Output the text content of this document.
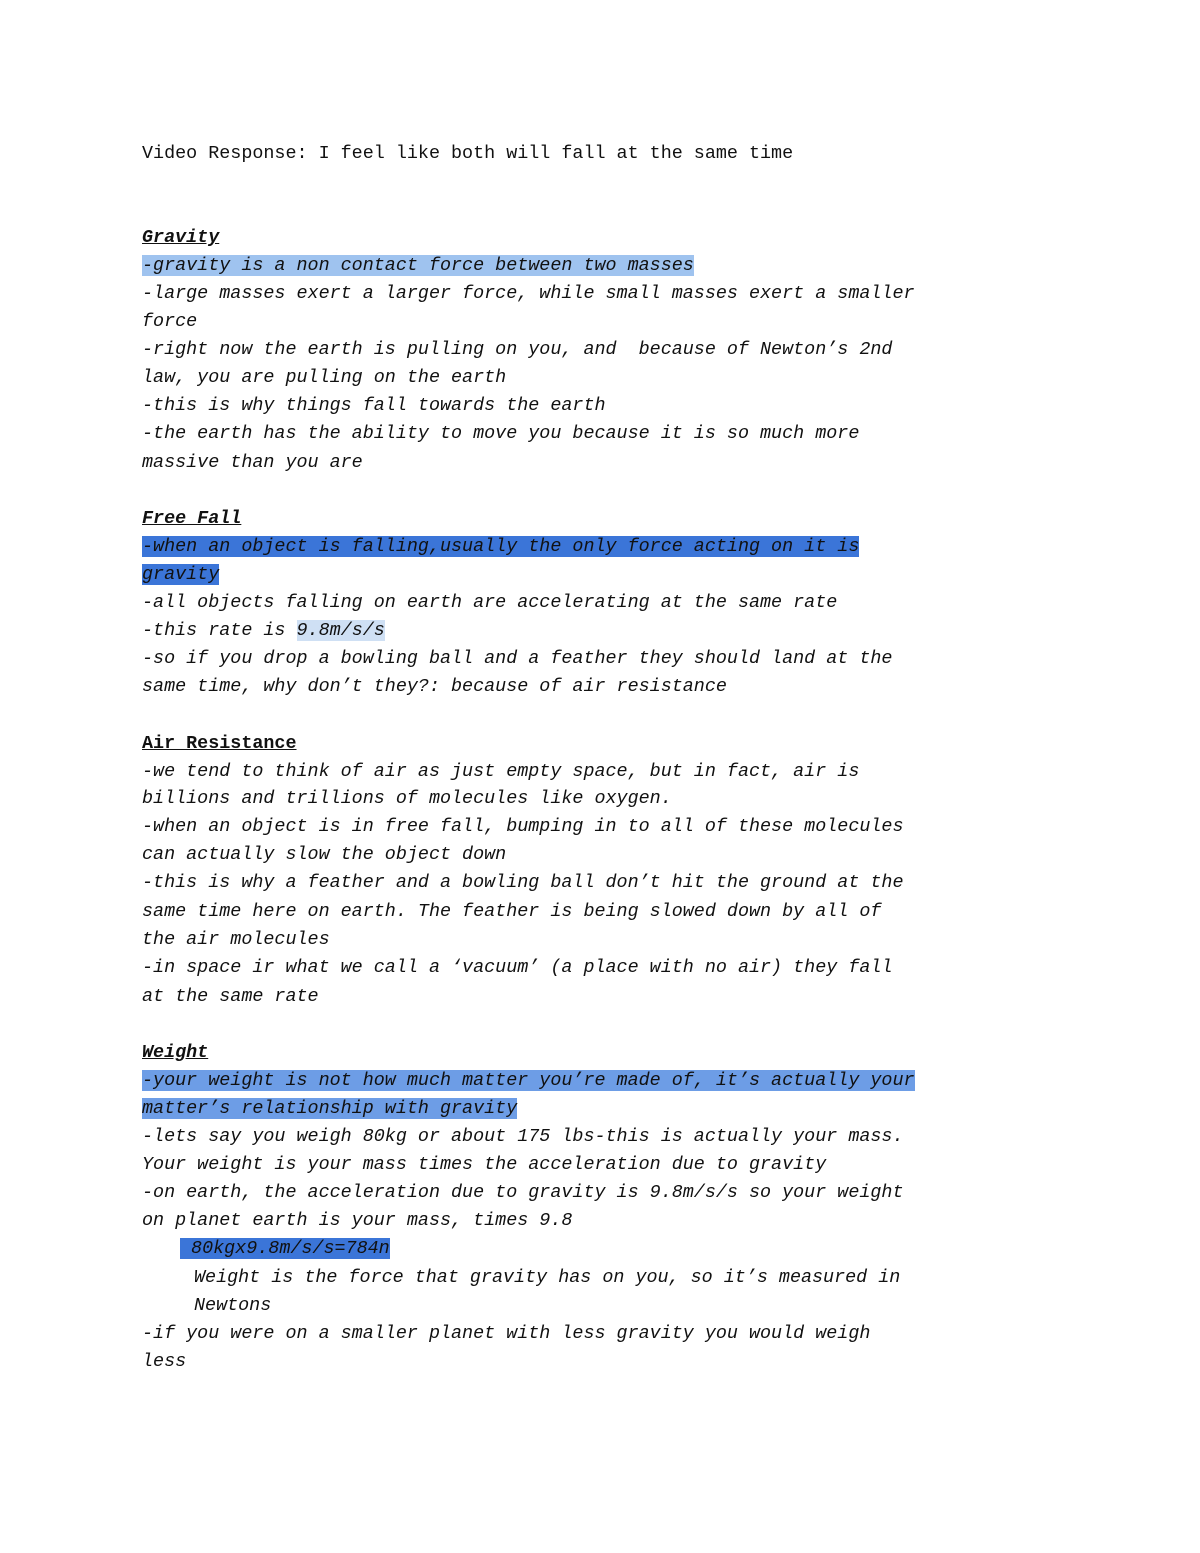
Video Response: I feel like both will fall at the same time
Gravity
-gravity is a non contact force between two masses
-large masses exert a larger force, while small masses exert a smaller
force
-right now the earth is pulling on you, and  because of Newton’s 2nd
law, you are pulling on the earth
-this is why things fall towards the earth
-the earth has the ability to move you because it is so much more
massive than you are
Free Fall
-when an object is falling,usually the only force acting on it is
gravity
-all objects falling on earth are accelerating at the same rate
-this rate is 9.8m/s/s
-so if you drop a bowling ball and a feather they should land at the
same time, why don’t they?: because of air resistance
Air Resistance
-we tend to think of air as just empty space, but in fact, air is
billions and trillions of molecules like oxygen.
-when an object is in free fall, bumping in to all of these molecules
can actually slow the object down
-this is why a feather and a bowling ball don’t hit the ground at the
same time here on earth. The feather is being slowed down by all of
the air molecules
-in space ir what we call a ‘vacuum’ (a place with no air) they fall
at the same rate
Weight
-your weight is not how much matter you’re made of, it’s actually your
matter’s relationship with gravity
-lets say you weigh 80kg or about 175 lbs-this is actually your mass.
Your weight is your mass times the acceleration due to gravity
-on earth, the acceleration due to gravity is 9.8m/s/s so your weight
on planet earth is your mass, times 9.8
80kgx9.8m/s/s=784n
Weight is the force that gravity has on you, so it’s measured in
Newtons
-if you were on a smaller planet with less gravity you would weigh
less
